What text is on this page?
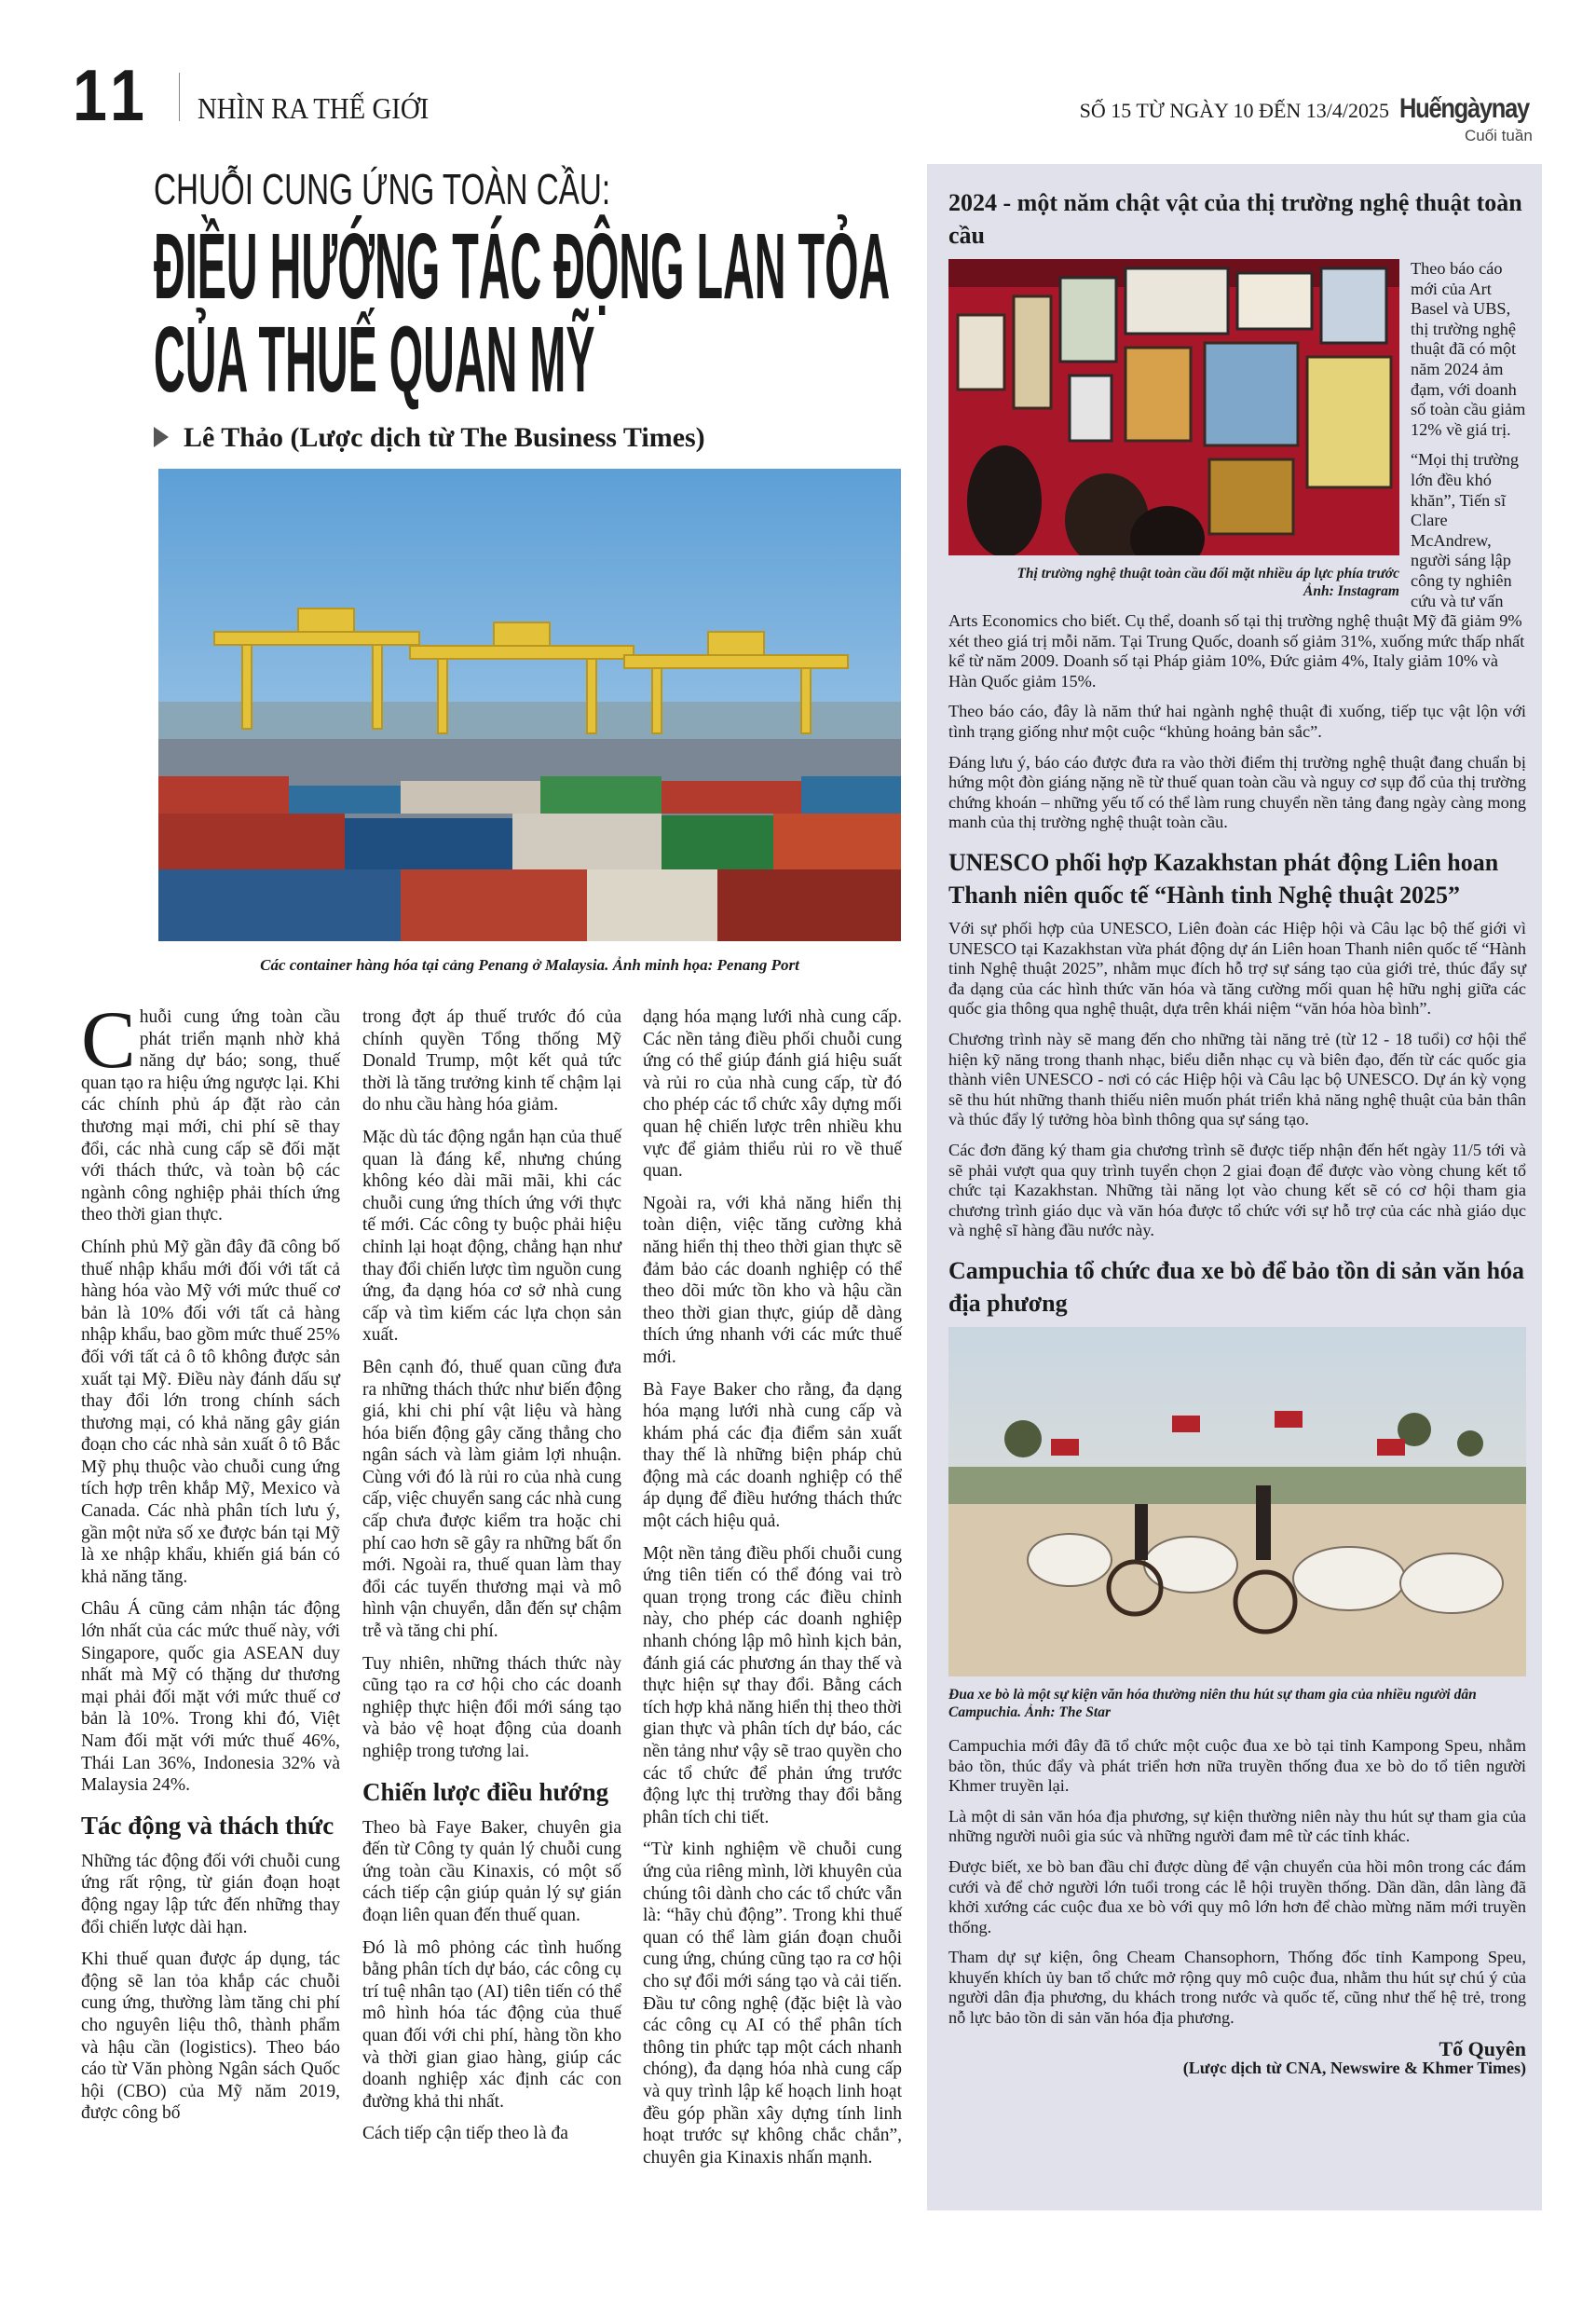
11 NHÌN RA THẾ GIỚI	SỐ 15 TỪ NGÀY 10 ĐẾN 13/4/2025 Huếngàynay
Cuối tuần
CHUỖI CUNG ỨNG TOÀN CẦU:
ĐIỀU HƯỚNG TÁC ĐỘNG LAN TỎA
CỦA THUẾ QUAN MỸ
Lê Thảo (Lược dịch từ The Business Times)
Các container hàng hóa tại cảng Penang ở Malaysia. Ảnh minh họa: Penang Port

Chuỗi cung ứng toàn cầu phát triển mạnh nhờ khả năng dự báo; song, thuế quan tạo ra hiệu ứng ngược lại. Khi các chính phủ áp đặt rào cản thương mại mới, chi phí sẽ thay đổi, các nhà cung cấp sẽ đối mặt với thách thức, và toàn bộ các ngành công nghiệp phải thích ứng theo thời gian thực.

Chính phủ Mỹ gần đây đã công bố thuế nhập khẩu mới đối với tất cả hàng hóa vào Mỹ với mức thuế cơ bản là 10% đối với tất cả hàng nhập khẩu, bao gồm mức thuế 25% đối với tất cả ô tô không được sản xuất tại Mỹ. Điều này đánh dấu sự thay đổi lớn trong chính sách thương mại, có khả năng gây gián đoạn cho các nhà sản xuất ô tô Bắc Mỹ phụ thuộc vào chuỗi cung ứng tích hợp trên khắp Mỹ, Mexico và Canada. Các nhà phân tích lưu ý, gần một nửa số xe được bán tại Mỹ là xe nhập khẩu, khiến giá bán có khả năng tăng.

Châu Á cũng cảm nhận tác động lớn nhất của các mức thuế này, với Singapore, quốc gia ASEAN duy nhất mà Mỹ có thặng dư thương mại phải đối mặt với mức thuế cơ bản là 10%. Trong khi đó, Việt Nam đối mặt với mức thuế 46%, Thái Lan 36%, Indonesia 32% và Malaysia 24%.

Tác động và thách thức

Những tác động đối với chuỗi cung ứng rất rộng, từ gián đoạn hoạt động ngay lập tức đến những thay đổi chiến lược dài hạn.

Khi thuế quan được áp dụng, tác động sẽ lan tỏa khắp các chuỗi cung ứng, thường làm tăng chi phí cho nguyên liệu thô, thành phẩm và hậu cần (logistics). Theo báo cáo từ Văn phòng Ngân sách Quốc hội (CBO) của Mỹ năm 2019, được công bố

trong đợt áp thuế trước đó của chính quyền Tổng thống Mỹ Donald Trump, một kết quả tức thời là tăng trưởng kinh tế chậm lại do nhu cầu hàng hóa giảm.

Mặc dù tác động ngắn hạn của thuế quan là đáng kể, nhưng chúng không kéo dài mãi mãi, khi các chuỗi cung ứng thích ứng với thực tế mới. Các công ty buộc phải hiệu chỉnh lại hoạt động, chẳng hạn như thay đổi chiến lược tìm nguồn cung ứng, đa dạng hóa cơ sở nhà cung cấp và tìm kiếm các lựa chọn sản xuất.

Bên cạnh đó, thuế quan cũng đưa ra những thách thức như biến động giá, khi chi phí vật liệu và hàng hóa biến động gây căng thẳng cho ngân sách và làm giảm lợi nhuận. Cùng với đó là rủi ro của nhà cung cấp, việc chuyển sang các nhà cung cấp chưa được kiểm tra hoặc chi phí cao hơn sẽ gây ra những bất ổn mới. Ngoài ra, thuế quan làm thay đổi các tuyến thương mại và mô hình vận chuyển, dẫn đến sự chậm trễ và tăng chi phí.

Tuy nhiên, những thách thức này cũng tạo ra cơ hội cho các doanh nghiệp thực hiện đổi mới sáng tạo và bảo vệ hoạt động của doanh nghiệp trong tương lai.

Chiến lược điều hướng

Theo bà Faye Baker, chuyên gia đến từ Công ty quản lý chuỗi cung ứng toàn cầu Kinaxis, có một số cách tiếp cận giúp quản lý sự gián đoạn liên quan đến thuế quan.

Đó là mô phỏng các tình huống bằng phân tích dự báo, các công cụ trí tuệ nhân tạo (AI) tiên tiến có thể mô hình hóa tác động của thuế quan đối với chi phí, hàng tồn kho và thời gian giao hàng, giúp các doanh nghiệp xác định các con đường khả thi nhất.

Cách tiếp cận tiếp theo là đa

dạng hóa mạng lưới nhà cung cấp. Các nền tảng điều phối chuỗi cung ứng có thể giúp đánh giá hiệu suất và rủi ro của nhà cung cấp, từ đó cho phép các tổ chức xây dựng mối quan hệ chiến lược trên nhiều khu vực để giảm thiểu rủi ro về thuế quan.

Ngoài ra, với khả năng hiển thị toàn diện, việc tăng cường khả năng hiển thị theo thời gian thực sẽ đảm bảo các doanh nghiệp có thể theo dõi mức tồn kho và hậu cần theo thời gian thực, giúp dễ dàng thích ứng nhanh với các mức thuế mới.

Bà Faye Baker cho rằng, đa dạng hóa mạng lưới nhà cung cấp và khám phá các địa điểm sản xuất thay thế là những biện pháp chủ động mà các doanh nghiệp có thể áp dụng để điều hướng thách thức một cách hiệu quả.

Một nền tảng điều phối chuỗi cung ứng tiên tiến có thể đóng vai trò quan trọng trong các điều chỉnh này, cho phép các doanh nghiệp nhanh chóng lập mô hình kịch bản, đánh giá các phương án thay thế và thực hiện sự thay đổi. Bằng cách tích hợp khả năng hiển thị theo thời gian thực và phân tích dự báo, các nền tảng như vậy sẽ trao quyền cho các tổ chức để phản ứng trước động lực thị trường thay đổi bằng phân tích chi tiết.

“Từ kinh nghiệm về chuỗi cung ứng của riêng mình, lời khuyên của chúng tôi dành cho các tổ chức vẫn là: “hãy chủ động”. Trong khi thuế quan có thể làm gián đoạn chuỗi cung ứng, chúng cũng tạo ra cơ hội cho sự đổi mới sáng tạo và cải tiến. Đầu tư công nghệ (đặc biệt là vào các công cụ AI có thể phân tích thông tin phức tạp một cách nhanh chóng), đa dạng hóa nhà cung cấp và quy trình lập kế hoạch linh hoạt đều góp phần xây dựng tính linh hoạt trước sự không chắc chắn”, chuyên gia Kinaxis nhấn mạnh.

2024 - một năm chật vật của thị trường nghệ thuật toàn cầu
Thị trường nghệ thuật toàn cầu đối mặt nhiều áp lực phía trước
Ảnh: Instagram

Theo báo cáo mới của Art Basel và UBS, thị trường nghệ thuật đã có một năm 2024 ảm đạm, với doanh số toàn cầu giảm 12% về giá trị.

“Mọi thị trường lớn đều khó khăn”, Tiến sĩ Clare McAndrew, người sáng lập công ty nghiên cứu và tư vấn Arts Economics cho biết. Cụ thể, doanh số tại thị trường nghệ thuật Mỹ đã giảm 9% xét theo giá trị mỗi năm. Tại Trung Quốc, doanh số giảm 31%, xuống mức thấp nhất kể từ năm 2009. Doanh số tại Pháp giảm 10%, Đức giảm 4%, Italy giảm 10% và Hàn Quốc giảm 15%.

Theo báo cáo, đây là năm thứ hai ngành nghệ thuật đi xuống, tiếp tục vật lộn với tình trạng giống như một cuộc “khủng hoảng bản sắc”.

Đáng lưu ý, báo cáo được đưa ra vào thời điểm thị trường nghệ thuật đang chuẩn bị hứng một đòn giáng nặng nề từ thuế quan toàn cầu và nguy cơ sụp đổ của thị trường chứng khoán – những yếu tố có thể làm rung chuyển nền tảng đang ngày càng mong manh của thị trường nghệ thuật toàn cầu.

UNESCO phối hợp Kazakhstan phát động Liên hoan Thanh niên quốc tế “Hành tinh Nghệ thuật 2025”

Với sự phối hợp của UNESCO, Liên đoàn các Hiệp hội và Câu lạc bộ thế giới vì UNESCO tại Kazakhstan vừa phát động dự án Liên hoan Thanh niên quốc tế “Hành tinh Nghệ thuật 2025”, nhằm mục đích hỗ trợ sự sáng tạo của giới trẻ, thúc đẩy sự đa dạng của các hình thức văn hóa và tăng cường mối quan hệ hữu nghị giữa các quốc gia thông qua nghệ thuật, dựa trên khái niệm “văn hóa hòa bình”.

Chương trình này sẽ mang đến cho những tài năng trẻ (từ 12 - 18 tuổi) cơ hội thể hiện kỹ năng trong thanh nhạc, biểu diễn nhạc cụ và biên đạo, đến từ các quốc gia thành viên UNESCO - nơi có các Hiệp hội và Câu lạc bộ UNESCO. Dự án kỳ vọng sẽ thu hút những thanh thiếu niên muốn phát triển khả năng nghệ thuật của bản thân và thúc đẩy lý tưởng hòa bình thông qua sự sáng tạo.

Các đơn đăng ký tham gia chương trình sẽ được tiếp nhận đến hết ngày 11/5 tới và sẽ phải vượt qua quy trình tuyển chọn 2 giai đoạn để được vào vòng chung kết tổ chức tại Kazakhstan. Những tài năng lọt vào chung kết sẽ có cơ hội tham gia chương trình giáo dục và văn hóa được tổ chức với sự hỗ trợ của các nhà giáo dục và nghệ sĩ hàng đầu nước này.

Campuchia tổ chức đua xe bò để bảo tồn di sản văn hóa địa phương
Đua xe bò là một sự kiện văn hóa thường niên thu hút sự tham gia của nhiều người dân Campuchia. Ảnh: The Star

Campuchia mới đây đã tổ chức một cuộc đua xe bò tại tỉnh Kampong Speu, nhằm bảo tồn, thúc đẩy và phát triển hơn nữa truyền thống đua xe bò do tổ tiên người Khmer truyền lại.

Là một di sản văn hóa địa phương, sự kiện thường niên này thu hút sự tham gia của những người nuôi gia súc và những người đam mê từ các tỉnh khác.

Được biết, xe bò ban đầu chỉ được dùng để vận chuyển của hồi môn trong các đám cưới và để chở người lớn tuổi trong các lễ hội truyền thống. Dần dần, dân làng đã khởi xướng các cuộc đua xe bò với quy mô lớn hơn để chào mừng năm mới truyền thống.

Tham dự sự kiện, ông Cheam Chansophorn, Thống đốc tỉnh Kampong Speu, khuyến khích ủy ban tổ chức mở rộng quy mô cuộc đua, nhằm thu hút sự chú ý của người dân địa phương, du khách trong nước và quốc tế, cũng như thế hệ trẻ, trong nỗ lực bảo tồn di sản văn hóa địa phương.

Tố Quyên
(Lược dịch từ CNA, Newswire & Khmer Times)
